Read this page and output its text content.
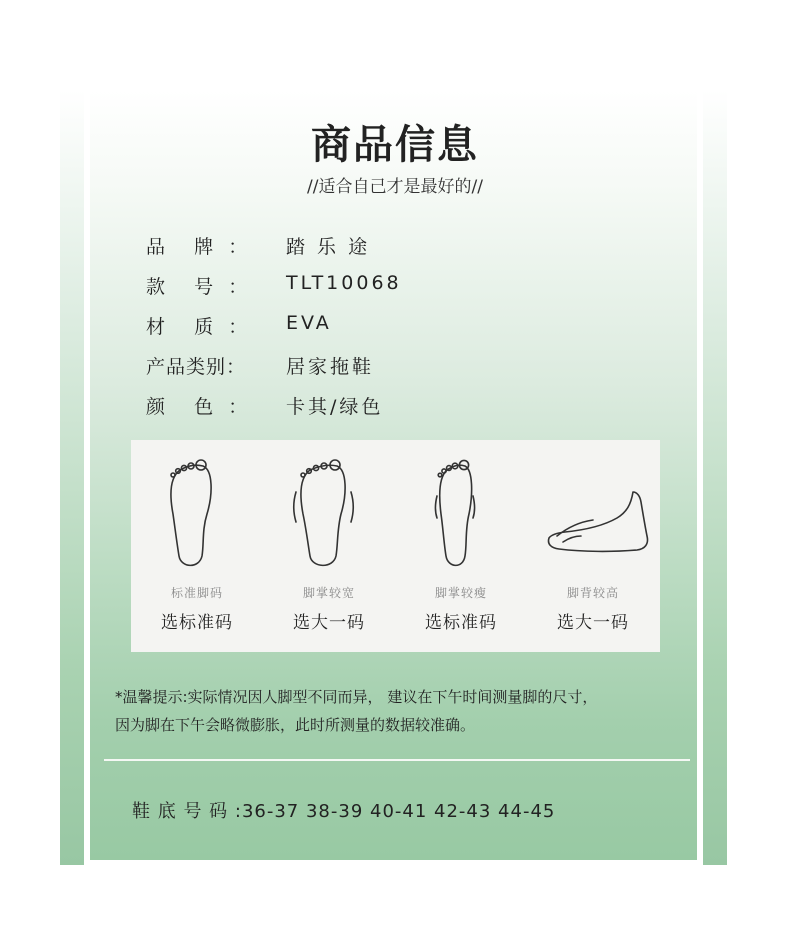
商品信息
//适合自己才是最好的//
品    牌  ： 踏 乐 途
款    号  ： TLT10068
材    质  ： EVA
产品类别： 居家拖鞋
颜    色  ： 卡其/绿色
标准脚码
选标准码
脚掌较宽
选大一码
脚掌较瘦
选标准码
脚背较高
选大一码
*温馨提示:实际情况因人脚型不同而异， 建议在下午时间测量脚的尺寸，
因为脚在下午会略微膨胀，此时所测量的数据较准确。
鞋 底 号 码 :36-37 38-39 40-41 42-43 44-45
